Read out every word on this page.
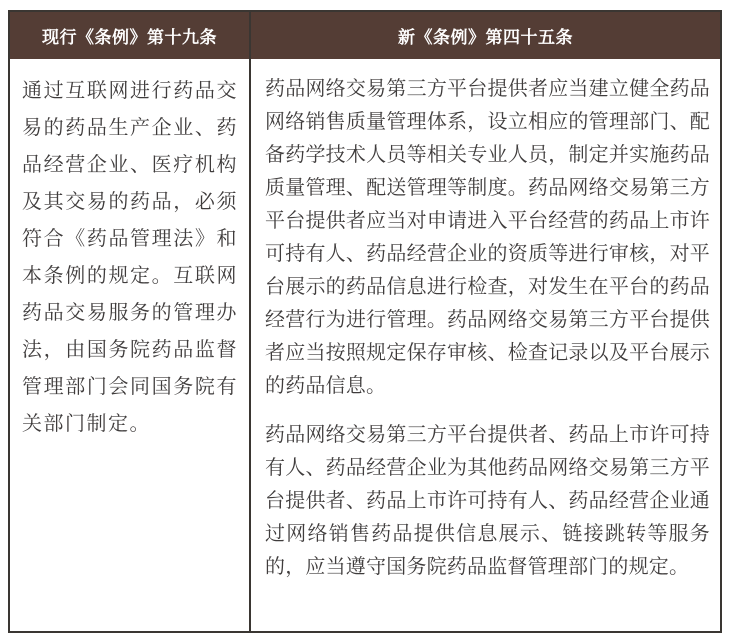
现行《条例》第十九条	新《条例》第四十五条

通过互联网进行药品交易的药品生产企业、药品经营企业、医疗机构及其交易的药品，必须符合《药品管理法》和本条例的规定。互联网药品交易服务的管理办法，由国务院药品监督管理部门会同国务院有关部门制定。

药品网络交易第三方平台提供者应当建立健全药品网络销售质量管理体系，设立相应的管理部门、配备药学技术人员等相关专业人员，制定并实施药品质量管理、配送管理等制度。药品网络交易第三方平台提供者应当对申请进入平台经营的药品上市许可持有人、药品经营企业的资质等进行审核，对平台展示的药品信息进行检查，对发生在平台的药品经营行为进行管理。药品网络交易第三方平台提供者应当按照规定保存审核、检查记录以及平台展示的药品信息。

药品网络交易第三方平台提供者、药品上市许可持有人、药品经营企业为其他药品网络交易第三方平台提供者、药品上市许可持有人、药品经营企业通过网络销售药品提供信息展示、链接跳转等服务的，应当遵守国务院药品监督管理部门的规定。
